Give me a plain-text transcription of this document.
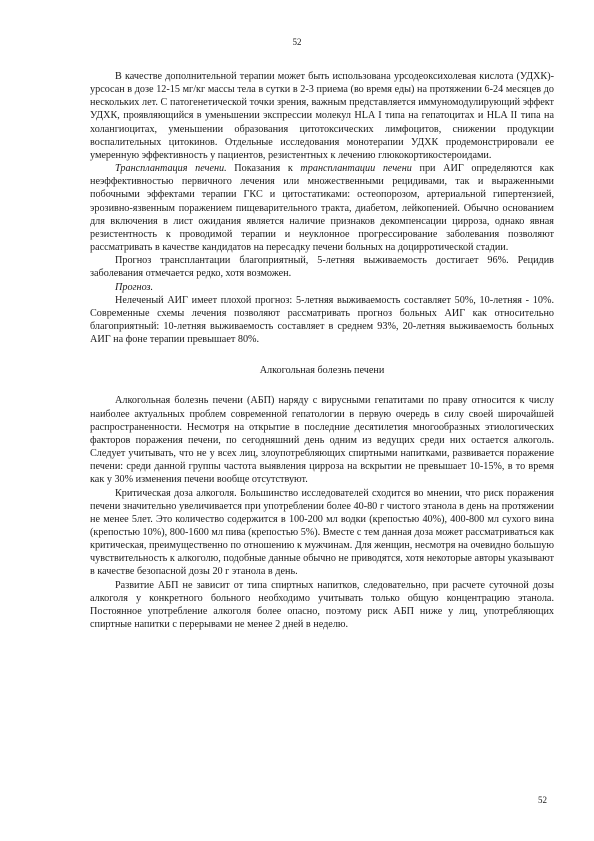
52

В качестве дополнительной терапии может быть использована урсодеоксихолевая кислота (УДХК)- урсосан в дозе 12-15 мг/кг массы тела в сутки в 2-3 приема (во время еды) на протяжении 6-24 месяцев до нескольких лет. С патогенетической точки зрения, важным представляется иммуномодулирующий эффект УДХК, проявляющийся в уменьшении экспрессии молекул HLA I типа на гепатоцитах и HLA II типа на холангиоцитах, уменьшении образования цитотоксических лимфоцитов, снижении продукции воспалительных цитокинов. Отдельные исследования монотерапии УДХК продемонстрировали ее умеренную эффективность у пациентов, резистентных к лечению глюкокортикостероидами.

Трансплантация печени. Показания к трансплантации печени при АИГ определяются как неэффективностью первичного лечения или множественными рецидивами, так и выраженными побочными эффектами терапии ГКС и цитостатиками: остеопорозом, артериальной гипертензией, эрозивно-язвенным поражением пищеварительного тракта, диабетом, лейкопенией. Обычно основанием для включения в лист ожидания является наличие признаков декомпенсации цирроза, однако явная резистентность к проводимой терапии и неуклонное прогрессирование заболевания позволяют рассматривать в качестве кандидатов на пересадку печени больных на доцирротической стадии.

Прогноз трансплантации благоприятный, 5-летняя выживаемость достигает 96%. Рецидив заболевания отмечается редко, хотя возможен.

Прогноз.

Нелеченый АИГ имеет плохой прогноз: 5-летняя выживаемость составляет 50%, 10-летняя - 10%. Современные схемы лечения позволяют рассматривать прогноз больных АИГ как относительно благоприятный: 10-летняя выживаемость составляет в среднем 93%, 20-летняя выживаемость больных АИГ на фоне терапии превышает 80%.

Алкогольная болезнь печени

Алкогольная болезнь печени (АБП) наряду с вирусными гепатитами по праву относится к числу наиболее актуальных проблем современной гепатологии в первую очередь в силу своей широчайшей распространенности. Несмотря на открытие в последние десятилетия многообразных этиологических факторов поражения печени, по сегодняшний день одним из ведущих среди них остается алкоголь. Следует учитывать, что не у всех лиц, злоупотребляющих спиртными напитками, развивается поражение печени: среди данной группы частота выявления цирроза на вскрытии не превышает 10-15%, в то время как у 30% изменения печени вообще отсутствуют.

Критическая доза алкоголя. Большинство исследователей сходится во мнении, что риск поражения печени значительно увеличивается при употреблении более 40-80 г чистого этанола в день на протяжении не менее 5лет. Это количество содержится в 100-200 мл водки (крепостью 40%), 400-800 мл сухого вина (крепостью 10%), 800-1600 мл пива (крепостью 5%). Вместе с тем данная доза может рассматриваться как критическая, преимущественно по отношению к мужчинам. Для женщин, несмотря на очевидно большую чувствительность к алкоголю, подобные данные обычно не приводятся, хотя некоторые авторы указывают в качестве безопасной дозы 20 г этанола в день.

Развитие АБП не зависит от типа спиртных напитков, следовательно, при расчете суточной дозы алкоголя у конкретного больного необходимо учитывать только общую концентрацию этанола. Постоянное употребление алкоголя более опасно, поэтому риск АБП ниже у лиц, употребляющих спиртные напитки с перерывами не менее 2 дней в неделю.

52
